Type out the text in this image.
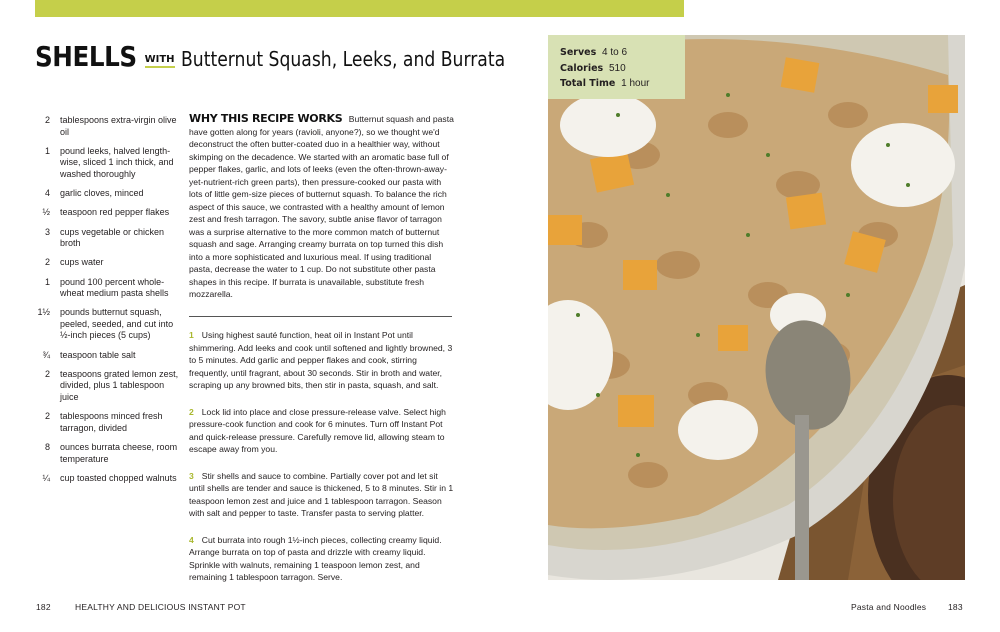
SHELLS WITH Butternut Squash, Leeks, and Burrata
2 tablespoons extra-virgin olive oil
1 pound leeks, halved length-wise, sliced 1 inch thick, and washed thoroughly
4 garlic cloves, minced
½ teaspoon red pepper flakes
3 cups vegetable or chicken broth
2 cups water
1 pound 100 percent whole-wheat medium pasta shells
1½ pounds butternut squash, peeled, seeded, and cut into ½-inch pieces (5 cups)
¾ teaspoon table salt
2 teaspoons grated lemon zest, divided, plus 1 tablespoon juice
2 tablespoons minced fresh tarragon, divided
8 ounces burrata cheese, room temperature
¼ cup toasted chopped walnuts
WHY THIS RECIPE WORKS Butternut squash and pasta have gotten along for years (ravioli, anyone?), so we thought we'd deconstruct the often butter-coated duo in a healthier way, without skimping on the decadence. We started with an aromatic base full of pepper flakes, garlic, and lots of leeks (even the often-thrown-away-yet-nutrient-rich green parts), then pressure-cooked our pasta with lots of little gem-size pieces of butternut squash. To balance the rich aspect of this sauce, we contrasted with a healthy amount of lemon zest and fresh tarragon. The savory, subtle anise flavor of tarragon was a surprise alternative to the more common match of butternut squash and sage. Arranging creamy burrata on top turned this dish into a more sophisticated and luxurious meal. If using traditional pasta, decrease the water to 1 cup. Do not substitute other pasta shapes in this recipe. If burrata is unavailable, substitute fresh mozzarella.
1 Using highest sauté function, heat oil in Instant Pot until shimmering. Add leeks and cook until softened and lightly browned, 3 to 5 minutes. Add garlic and pepper flakes and cook, stirring frequently, until fragrant, about 30 seconds. Stir in broth and water, scraping up any browned bits, then stir in pasta, squash, and salt.
2 Lock lid into place and close pressure-release valve. Select high pressure-cook function and cook for 6 minutes. Turn off Instant Pot and quick-release pressure. Carefully remove lid, allowing steam to escape away from you.
3 Stir shells and sauce to combine. Partially cover pot and let sit until shells are tender and sauce is thickened, 5 to 8 minutes. Stir in 1 teaspoon lemon zest and juice and 1 tablespoon tarragon. Season with salt and pepper to taste. Transfer pasta to serving platter.
4 Cut burrata into rough 1½-inch pieces, collecting creamy liquid. Arrange burrata on top of pasta and drizzle with creamy liquid. Sprinkle with walnuts, remaining 1 teaspoon lemon zest, and remaining 1 tablespoon tarragon. Serve.
Serves 4 to 6
Calories 510
Total Time 1 hour
182	HEALTHY AND DELICIOUS INSTANT POT	Pasta and Noodles	183
